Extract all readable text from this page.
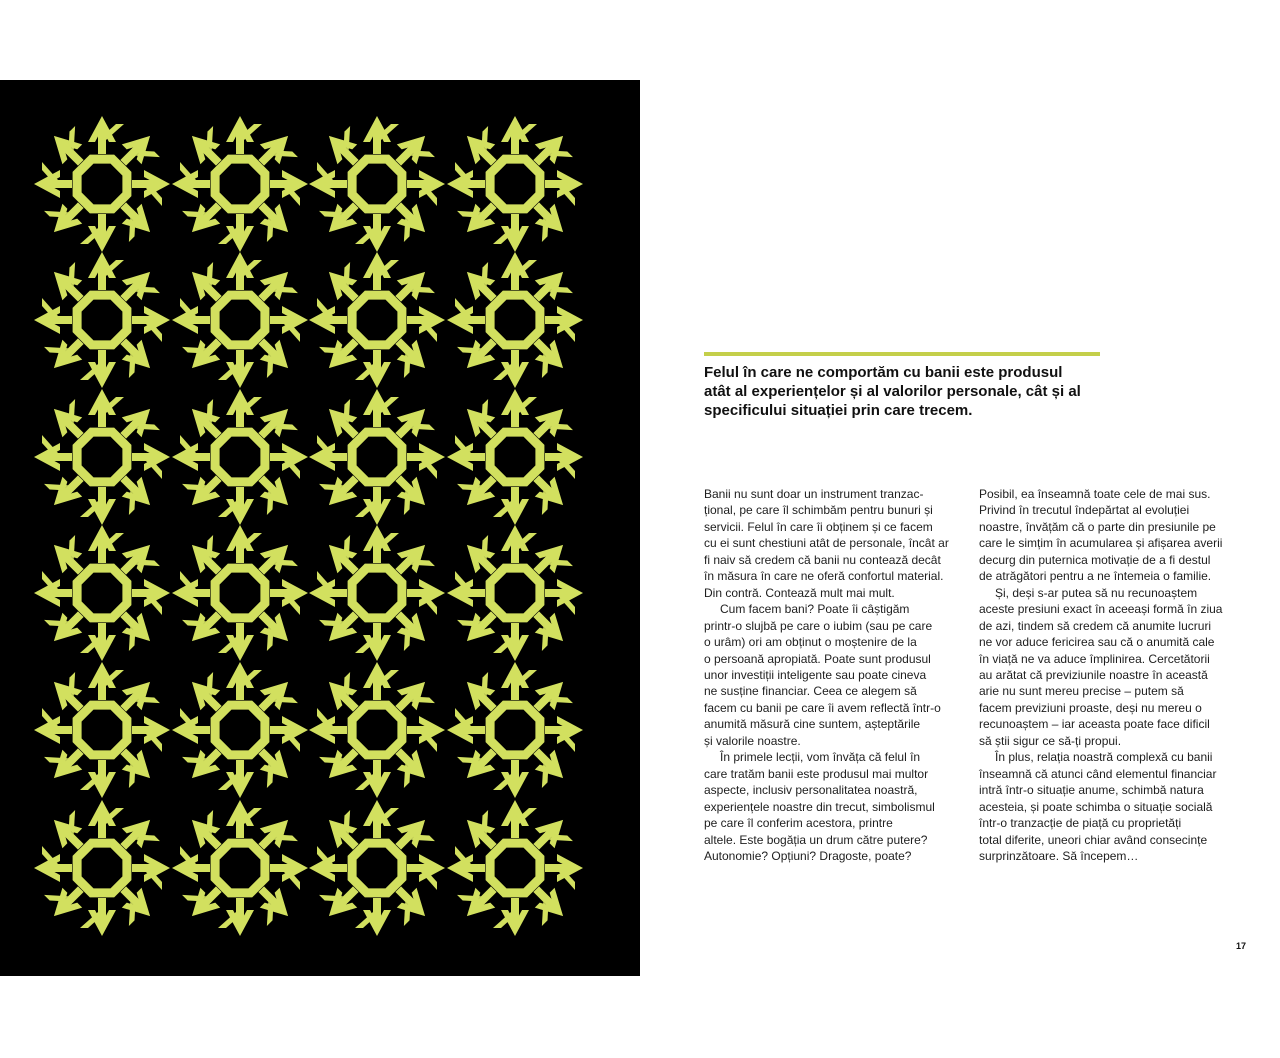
Felul în care ne comportăm cu banii este produsul
atât al experiențelor și al valorilor personale, cât și al
specificului situației prin care trecem.

Banii nu sunt doar un instrument tranzac-
țional, pe care îl schimbăm pentru bunuri și
servicii. Felul în care îi obținem și ce facem
cu ei sunt chestiuni atât de personale, încât ar
fi naiv să credem că banii nu contează decât
în măsura în care ne oferă confortul material.
Din contră. Contează mult mai mult.
Cum facem bani? Poate îi câștigăm
printr-o slujbă pe care o iubim (sau pe care
o urâm) ori am obținut o moștenire de la
o persoană apropiată. Poate sunt produsul
unor investiții inteligente sau poate cineva
ne susține financiar. Ceea ce alegem să
facem cu banii pe care îi avem reflectă într-o
anumită măsură cine suntem, așteptările
și valorile noastre.
În primele lecții, vom învăța că felul în
care tratăm banii este produsul mai multor
aspecte, inclusiv personalitatea noastră,
experiențele noastre din trecut, simbolismul
pe care îl conferim acestora, printre
altele. Este bogăția un drum către putere?
Autonomie? Opțiuni? Dragoste, poate?
Posibil, ea înseamnă toate cele de mai sus.
Privind în trecutul îndepărtat al evoluției
noastre, învățăm că o parte din presiunile pe
care le simțim în acumularea și afișarea averii
decurg din puternica motivație de a fi destul
de atrăgători pentru a ne întemeia o familie.
Și, deși s-ar putea să nu recunoaștem
aceste presiuni exact în aceeași formă în ziua
de azi, tindem să credem că anumite lucruri
ne vor aduce fericirea sau că o anumită cale
în viață ne va aduce împlinirea. Cercetătorii
au arătat că previziunile noastre în această
arie nu sunt mereu precise – putem să
facem previziuni proaste, deși nu mereu o
recunoaștem – iar aceasta poate face dificil
să știi sigur ce să-ți propui.
În plus, relația noastră complexă cu banii
înseamnă că atunci când elementul financiar
intră într-o situație anume, schimbă natura
acesteia, și poate schimba o situație socială
într-o tranzacție de piață cu proprietăți
total diferite, uneori chiar având consecințe
surprinzătoare. Să începem…
17
